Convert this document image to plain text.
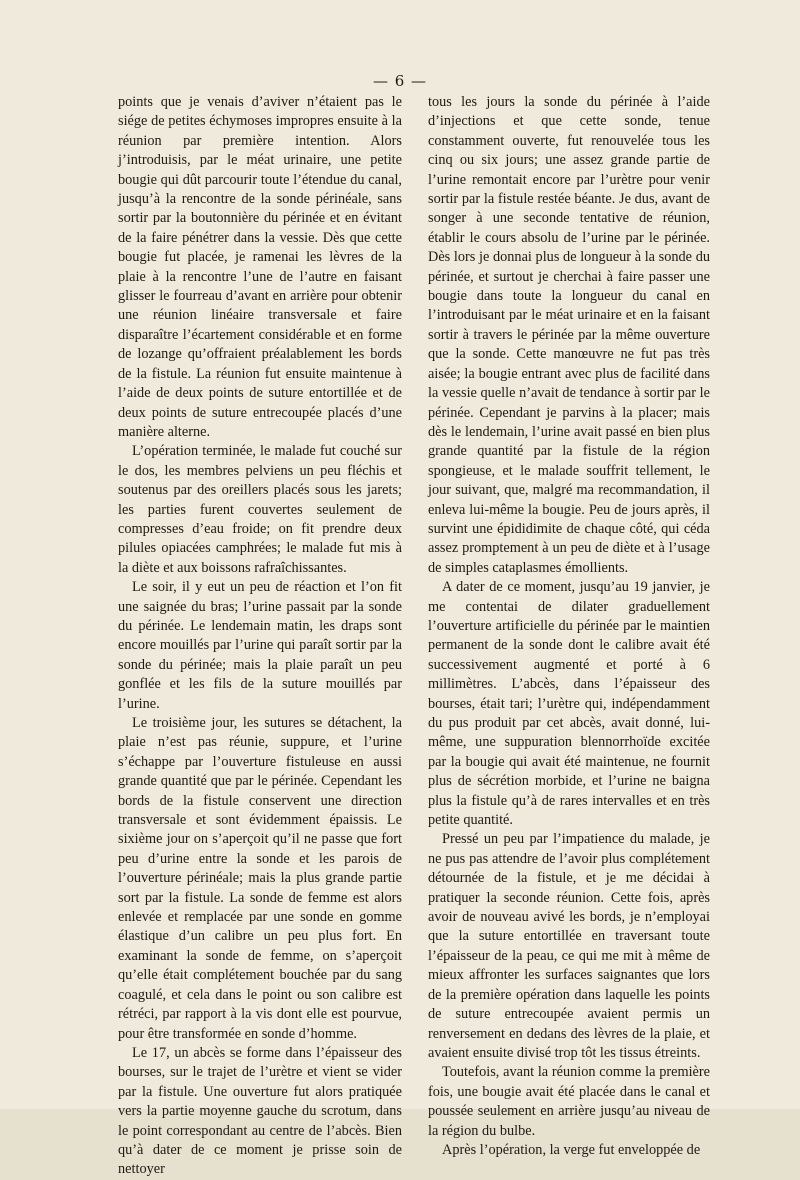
— 6 —

points que je venais d’aviver n’étaient pas le siége de petites échymoses impropres ensuite à la réunion par première intention. Alors j’introduisis, par le méat urinaire, une petite bougie qui dût parcourir toute l’étendue du canal, jusqu’à la rencontre de la sonde périnéale, sans sortir par la boutonnière du périnée et en évitant de la faire pénétrer dans la vessie. Dès que cette bougie fut placée, je ramenai les lèvres de la plaie à la rencontre l’une de l’autre en faisant glisser le fourreau d’avant en arrière pour obtenir une réunion linéaire transversale et faire disparaître l’écartement considérable et en forme de lozange qu’offraient préalablement les bords de la fistule. La réunion fut ensuite maintenue à l’aide de deux points de suture entortillée et de deux points de suture entrecoupée placés d’une manière alterne.

L’opération terminée, le malade fut couché sur le dos, les membres pelviens un peu fléchis et soutenus par des oreillers placés sous les jarets; les parties furent couvertes seulement de compresses d’eau froide; on fit prendre deux pilules opiacées camphrées; le malade fut mis à la diète et aux boissons rafraîchissantes.

Le soir, il y eut un peu de réaction et l’on fit une saignée du bras; l’urine passait par la sonde du périnée. Le lendemain matin, les draps sont encore mouillés par l’urine qui paraît sortir par la sonde du périnée; mais la plaie paraît un peu gonflée et les fils de la suture mouillés par l’urine.

Le troisième jour, les sutures se détachent, la plaie n’est pas réunie, suppure, et l’urine s’échappe par l’ouverture fistuleuse en aussi grande quantité que par le périnée. Cependant les bords de la fistule conservent une direction transversale et sont évidemment épaissis. Le sixième jour on s’aperçoit qu’il ne passe que fort peu d’urine entre la sonde et les parois de l’ouverture périnéale; mais la plus grande partie sort par la fistule. La sonde de femme est alors enlevée et remplacée par une sonde en gomme élastique d’un calibre un peu plus fort. En examinant la sonde de femme, on s’aperçoit qu’elle était complétement bouchée par du sang coagulé, et cela dans le point ou son calibre est rétréci, par rapport à la vis dont elle est pourvue, pour être transformée en sonde d’homme.

Le 17, un abcès se forme dans l’épaisseur des bourses, sur le trajet de l’urètre et vient se vider par la fistule. Une ouverture fut alors pratiquée vers la partie moyenne gauche du scrotum, dans le point correspondant au centre de l’abcès. Bien qu’à dater de ce moment je prisse soin de nettoyer

tous les jours la sonde du périnée à l’aide d’injections et que cette sonde, tenue constamment ouverte, fut renouvelée tous les cinq ou six jours; une assez grande partie de l’urine remontait encore par l’urètre pour venir sortir par la fistule restée béante. Je dus, avant de songer à une seconde tentative de réunion, établir le cours absolu de l’urine par le périnée. Dès lors je donnai plus de longueur à la sonde du périnée, et surtout je cherchai à faire passer une bougie dans toute la longueur du canal en l’introduisant par le méat urinaire et en la faisant sortir à travers le périnée par la même ouverture que la sonde. Cette manœuvre ne fut pas très aisée; la bougie entrant avec plus de facilité dans la vessie quelle n’avait de tendance à sortir par le périnée. Cependant je parvins à la placer; mais dès le lendemain, l’urine avait passé en bien plus grande quantité par la fistule de la région spongieuse, et le malade souffrit tellement, le jour suivant, que, malgré ma recommandation, il enleva lui-même la bougie. Peu de jours après, il survint une épididimite de chaque côté, qui céda assez promptement à un peu de diète et à l’usage de simples cataplasmes émollients.

A dater de ce moment, jusqu’au 19 janvier, je me contentai de dilater graduellement l’ouverture artificielle du périnée par le maintien permanent de la sonde dont le calibre avait été successivement augmenté et porté à 6 millimètres. L’abcès, dans l’épaisseur des bourses, était tari; l’urètre qui, indépendamment du pus produit par cet abcès, avait donné, lui-même, une suppuration blennorrhoïde excitée par la bougie qui avait été maintenue, ne fournit plus de sécrétion morbide, et l’urine ne baigna plus la fistule qu’à de rares intervalles et en très petite quantité.

Pressé un peu par l’impatience du malade, je ne pus pas attendre de l’avoir plus complétement détournée de la fistule, et je me décidai à pratiquer la seconde réunion. Cette fois, après avoir de nouveau avivé les bords, je n’employai que la suture entortillée en traversant toute l’épaisseur de la peau, ce qui me mit à même de mieux affronter les surfaces saignantes que lors de la première opération dans laquelle les points de suture entrecoupée avaient permis un renversement en dedans des lèvres de la plaie, et avaient ensuite divisé trop tôt les tissus étreints.

Toutefois, avant la réunion comme la première fois, une bougie avait été placée dans le canal et poussée seulement en arrière jusqu’au niveau de la région du bulbe.

Après l’opération, la verge fut enveloppée de
